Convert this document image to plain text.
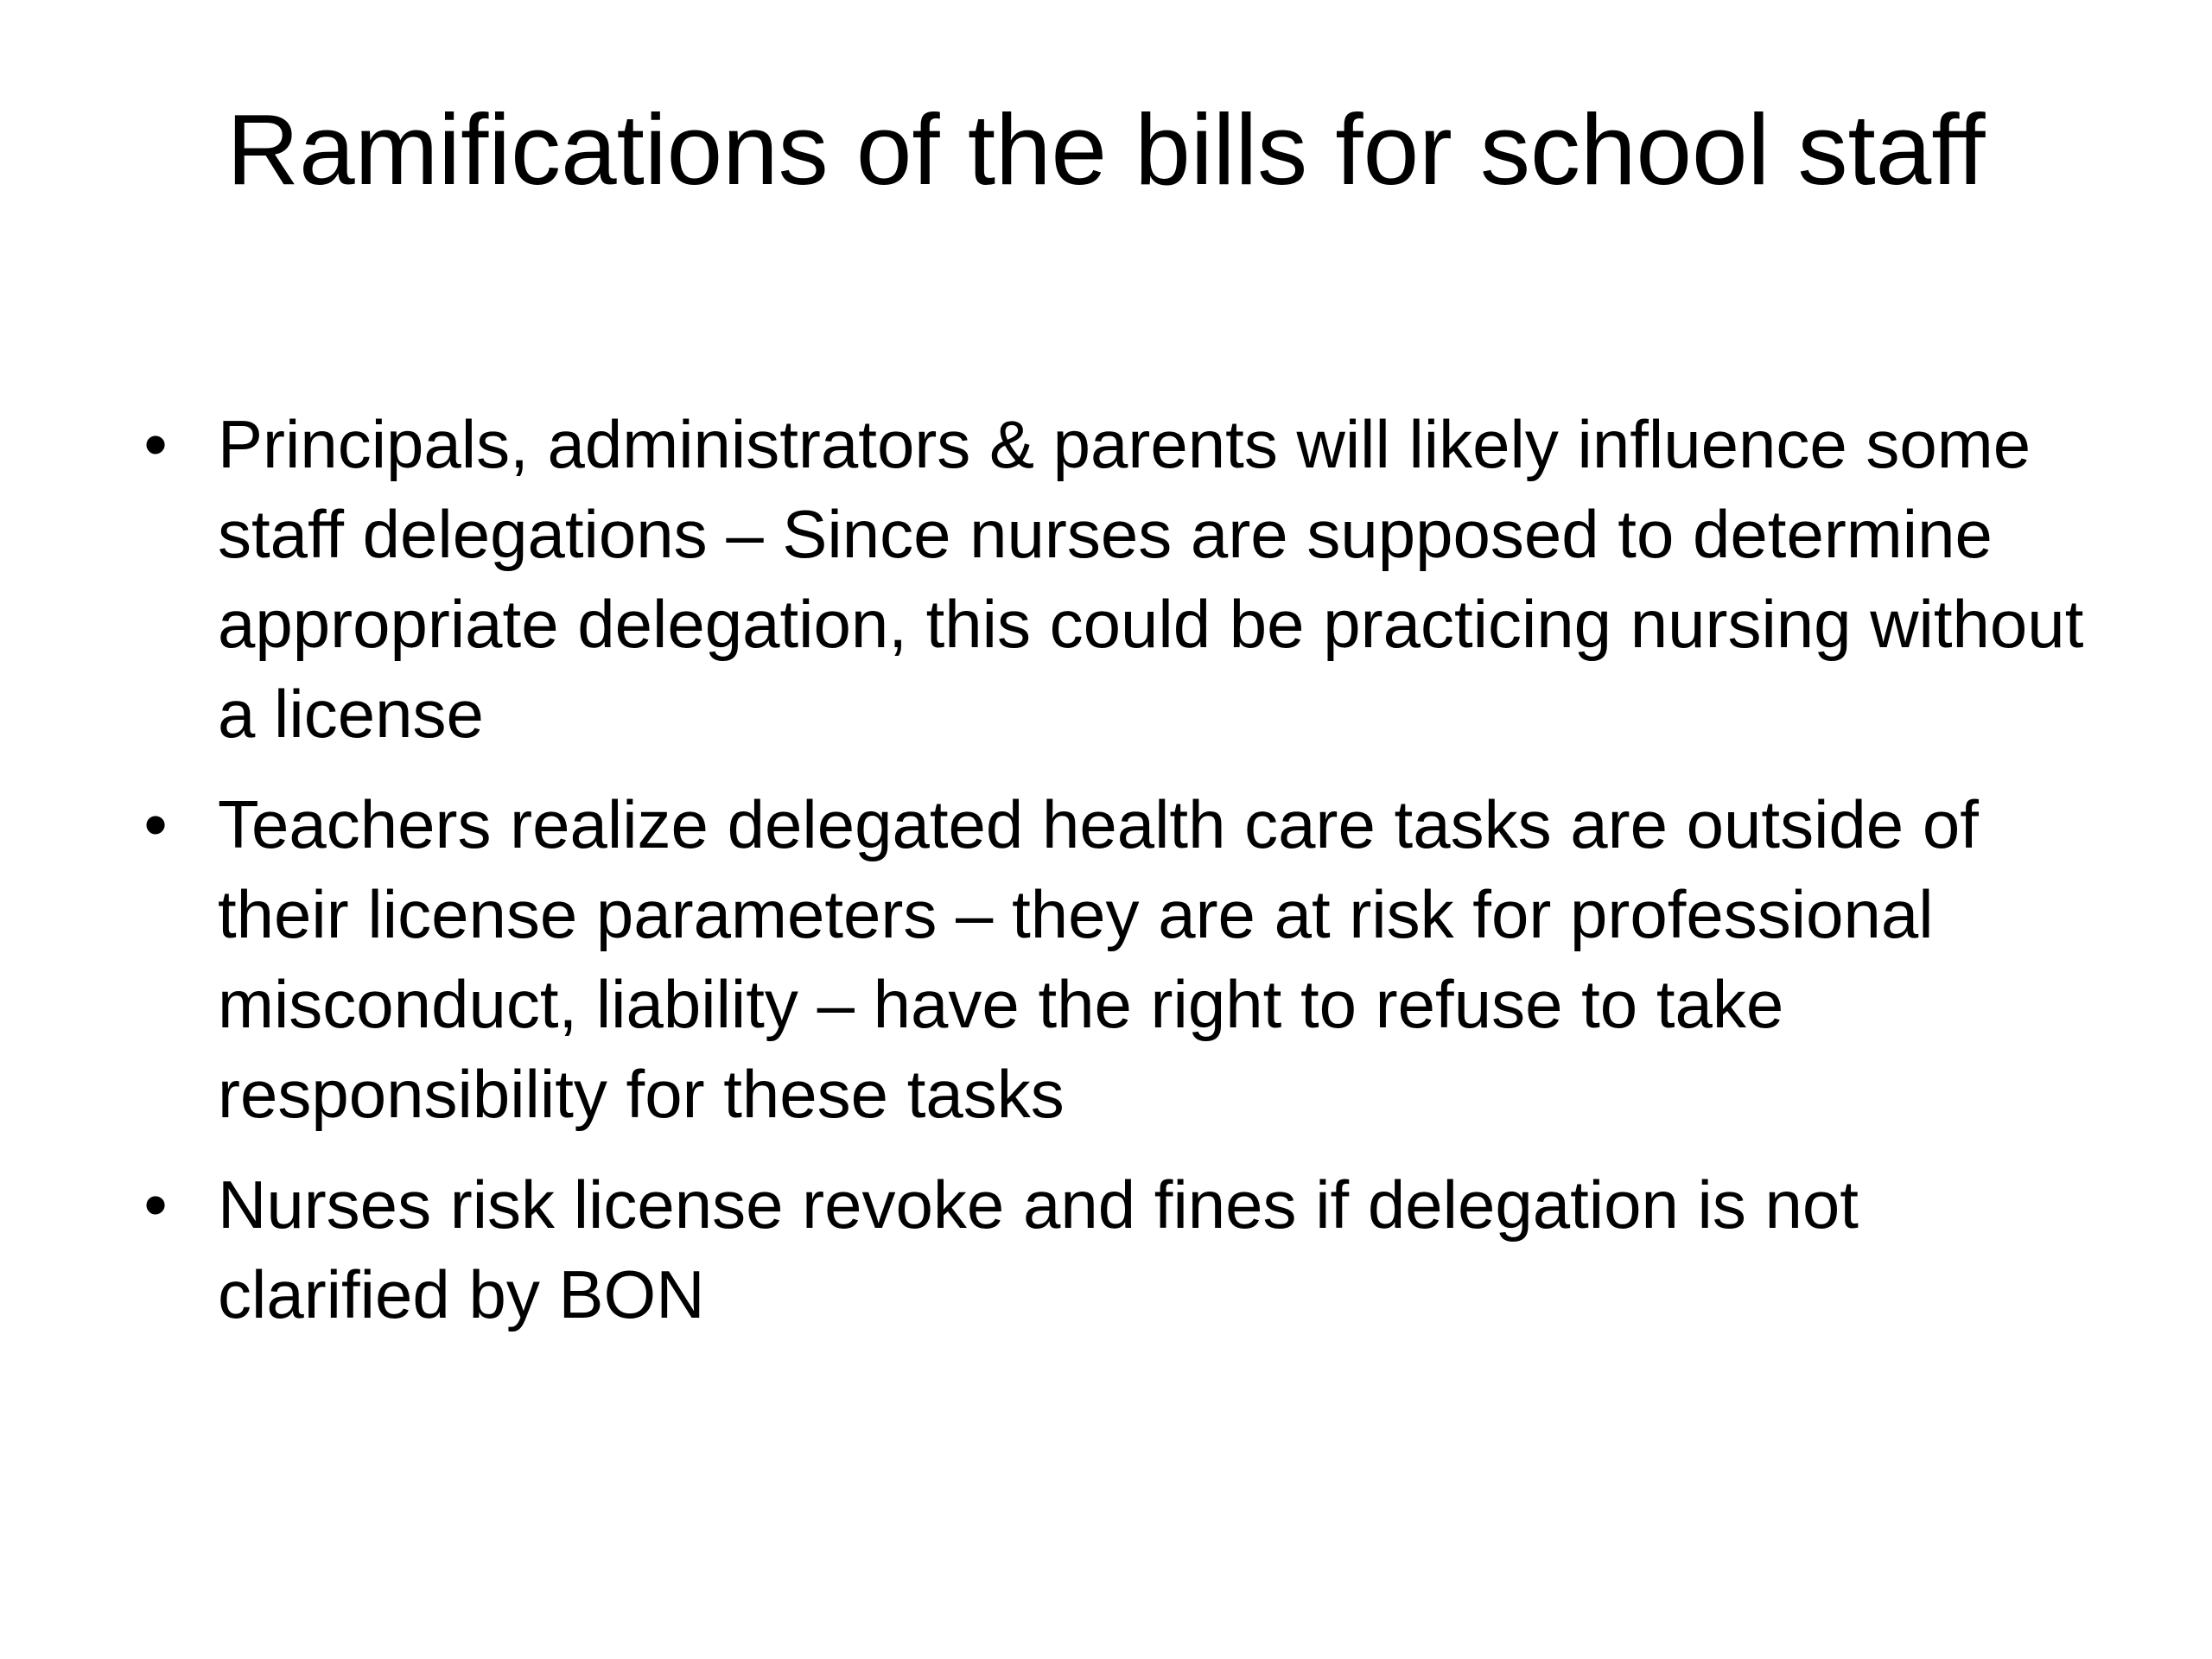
Ramifications of the bills for school staff
• Principals, administrators & parents will likely influence some staff delegations – Since nurses are supposed to determine appropriate delegation, this could be practicing nursing without a license
• Teachers realize delegated health care tasks are outside of their license parameters – they are at risk for professional misconduct, liability – have the right to refuse to take responsibility for these tasks
• Nurses risk license revoke and fines if delegation is not clarified by BON
